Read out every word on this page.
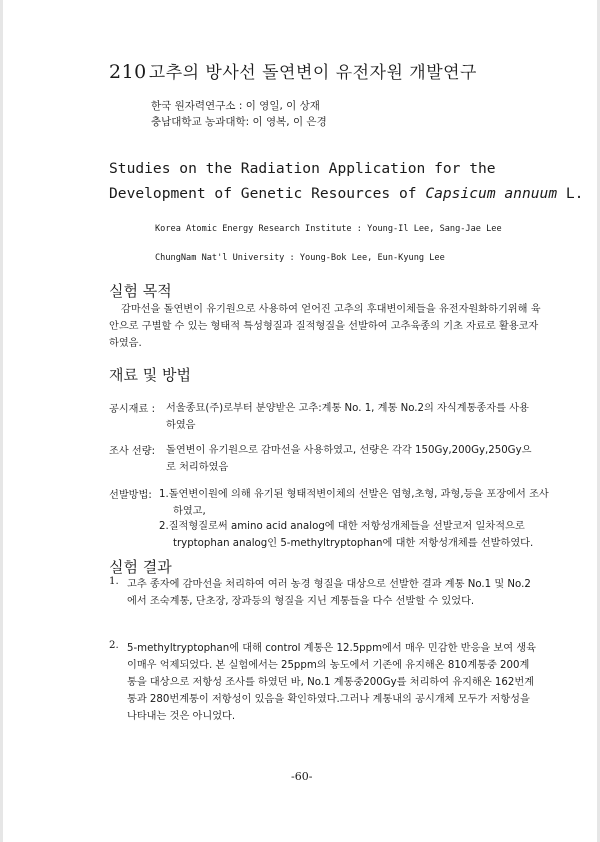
210 고추의 방사선 돌연변이 유전자원 개발연구
한국 원자력연구소 : 이 영일, 이 상재
충남대학교 농과대학: 이 영복, 이 은경
Studies on the Radiation Application for the
Development of Genetic Resources of Capsicum annuum L.
Korea Atomic Energy Research Institute : Young-Il Lee, Sang-Jae Lee
ChungNam Nat'l University : Young-Bok Lee, Eun-Kyung Lee
실험 목적
감마선을 돌연변이 유기원으로 사용하여 얻어진 고추의 후대변이체들을 유전자원화하기위해 육안으로 구별할 수 있는 형태적 특성형질과 질적형질을 선발하여 고추육종의 기초 자료로 활용코자 하였음.
재료 및 방법
공시재료 : 서울종묘(주)로부터 분양받은 고추:계통 No. 1, 계통 No.2의 자식계통종자를 사용하였음
조사 선량: 돌연변이 유기원으로 감마선을 사용하였고, 선량은 각각 150Gy,200Gy,250Gy으로 처리하였음
선발방법: 1.돌연변이원에 의해 유기된 형태적변이체의 선발은 엽형,초형, 과형,등을 포장에서 조사하였고,
2.질적형질로써 amino acid analog에 대한 저항성개체들을 선발코저 일차적으로 tryptophan analog인 5-methyltryptophan에 대한 저항성개체를 선발하였다.
실험 결과
1. 고추 종자에 감마선을 처리하여 여러 농경 형질을 대상으로 선발한 결과 계통 No.1 및 No.2 에서 조숙계통, 단초장, 장과등의 형질을 지닌 계통들을 다수 선발할 수 있었다.
2. 5-methyltryptophan에 대해 control 계통은 12.5ppm에서 매우 민감한 반응을 보여 생육이매우 억제되었다. 본 실험에서는 25ppm의 농도에서 기존에 유지해온 810계통중 200계통을 대상으로 저항성 조사를 하였던 바, No.1 계통중200Gy를 처리하여 유지해온 162번계통과 280번계통이 저항성이 있음을 확인하였다.그러나 계통내의 공시개체 모두가 저항성을 나타내는 것은 아니었다.
-60-
